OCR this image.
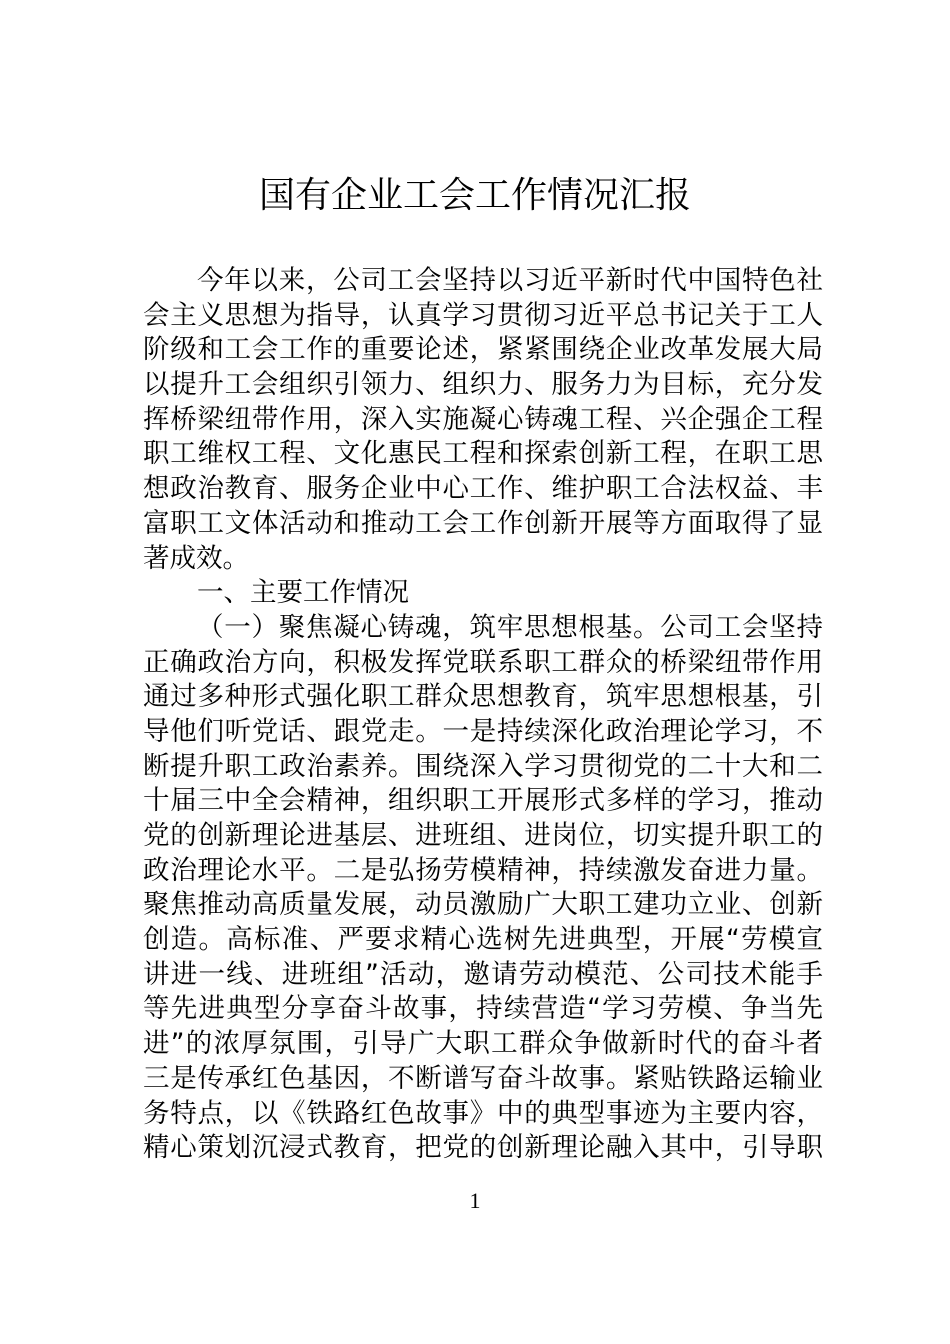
国有企业工会工作情况汇报
今年以来，公司工会坚持以习近平新时代中国特色社
会主义思想为指导，认真学习贯彻习近平总书记关于工人
阶级和工会工作的重要论述，紧紧围绕企业改革发展大局
以提升工会组织引领力、组织力、服务力为目标，充分发
挥桥梁纽带作用，深入实施凝心铸魂工程、兴企强企工程
职工维权工程、文化惠民工程和探索创新工程，在职工思
想政治教育、服务企业中心工作、维护职工合法权益、丰
富职工文体活动和推动工会工作创新开展等方面取得了显
著成效。
一、主要工作情况
（一）聚焦凝心铸魂，筑牢思想根基。公司工会坚持
正确政治方向，积极发挥党联系职工群众的桥梁纽带作用
通过多种形式强化职工群众思想教育，筑牢思想根基，引
导他们听党话、跟党走。一是持续深化政治理论学习，不
断提升职工政治素养。围绕深入学习贯彻党的二十大和二
十届三中全会精神，组织职工开展形式多样的学习，推动
党的创新理论进基层、进班组、进岗位，切实提升职工的
政治理论水平。二是弘扬劳模精神，持续激发奋进力量。
聚焦推动高质量发展，动员激励广大职工建功立业、创新
创造。高标准、严要求精心选树先进典型，开展“劳模宣
讲进一线、进班组”活动，邀请劳动模范、公司技术能手
等先进典型分享奋斗故事，持续营造“学习劳模、争当先
进”的浓厚氛围，引导广大职工群众争做新时代的奋斗者
三是传承红色基因，不断谱写奋斗故事。紧贴铁路运输业
务特点，以《铁路红色故事》中的典型事迹为主要内容，
精心策划沉浸式教育，把党的创新理论融入其中，引导职
1
